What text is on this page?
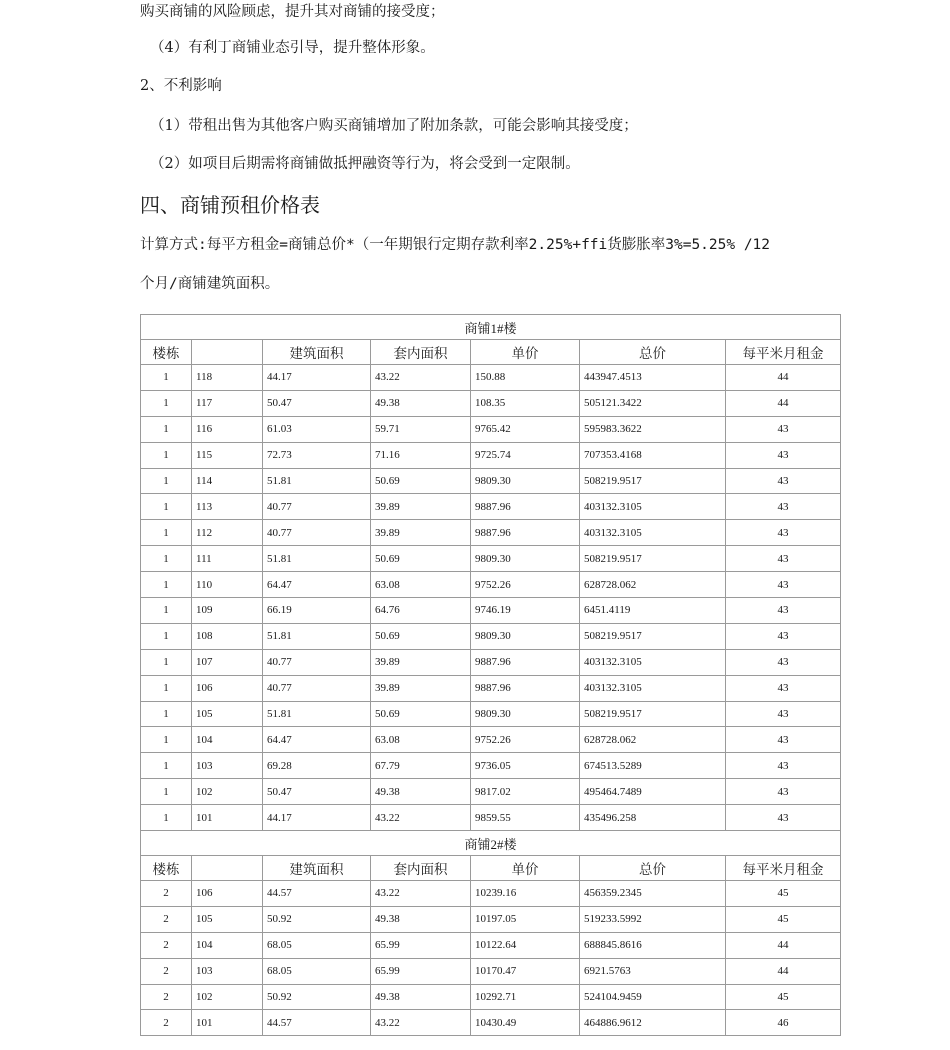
购买商铺的风险顾虑，提升其对商铺的接受度；
（4）有利丁商铺业态引导，提升整体形象。
2、不利影响
（1）带租出售为其他客户购买商铺增加了附加条款，可能会影响其接受度；
（2）如项目后期需将商铺做抵押融资等行为，将会受到一定限制。
四、商铺预租价格表
计算方式:每平方租金=商铺总价*（一年期银行定期存款利率2.25%+ffi货膨胀率3%=5.25% /12
个月/商铺建筑面积。
商铺1#楼						
楼栋		建筑面积	套内面积	单价	总价	每平米月租金
1	118	44.17	43.22	150.88	443947.4513	44
1	117	50.47	49.38	108.35	505121.3422	44
1	116	61.03	59.71	9765.42	595983.3622	43
1	115	72.73	71.16	9725.74	707353.4168	43
1	114	51.81	50.69	9809.30	508219.9517	43
1	113	40.77	39.89	9887.96	403132.3105	43
1	112	40.77	39.89	9887.96	403132.3105	43
1	111	51.81	50.69	9809.30	508219.9517	43
1	110	64.47	63.08	9752.26	628728.062	43
1	109	66.19	64.76	9746.19	6451.4119	43
1	108	51.81	50.69	9809.30	508219.9517	43
1	107	40.77	39.89	9887.96	403132.3105	43
1	106	40.77	39.89	9887.96	403132.3105	43
1	105	51.81	50.69	9809.30	508219.9517	43
1	104	64.47	63.08	9752.26	628728.062	43
1	103	69.28	67.79	9736.05	674513.5289	43
1	102	50.47	49.38	9817.02	495464.7489	43
1	101	44.17	43.22	9859.55	435496.258	43
商铺2#楼						
楼栋		建筑面积	套内面积	单价	总价	每平米月租金
2	106	44.57	43.22	10239.16	456359.2345	45
2	105	50.92	49.38	10197.05	519233.5992	45
2	104	68.05	65.99	10122.64	688845.8616	44
2	103	68.05	65.99	10170.47	6921.5763	44
2	102	50.92	49.38	10292.71	524104.9459	45
2	101	44.57	43.22	10430.49	464886.9612	46
